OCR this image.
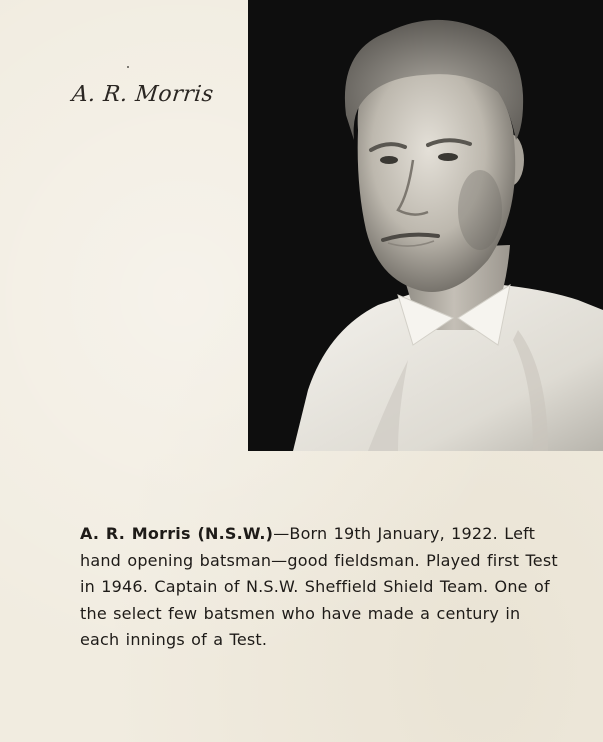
A. R. Morris
A. R. Morris (N.S.W.)—Born 19th January, 1922. Left hand opening batsman—good fieldsman. Played first Test in 1946. Captain of N.S.W. Sheffield Shield Team. One of the select few batsmen who have made a century in each innings of a Test.
